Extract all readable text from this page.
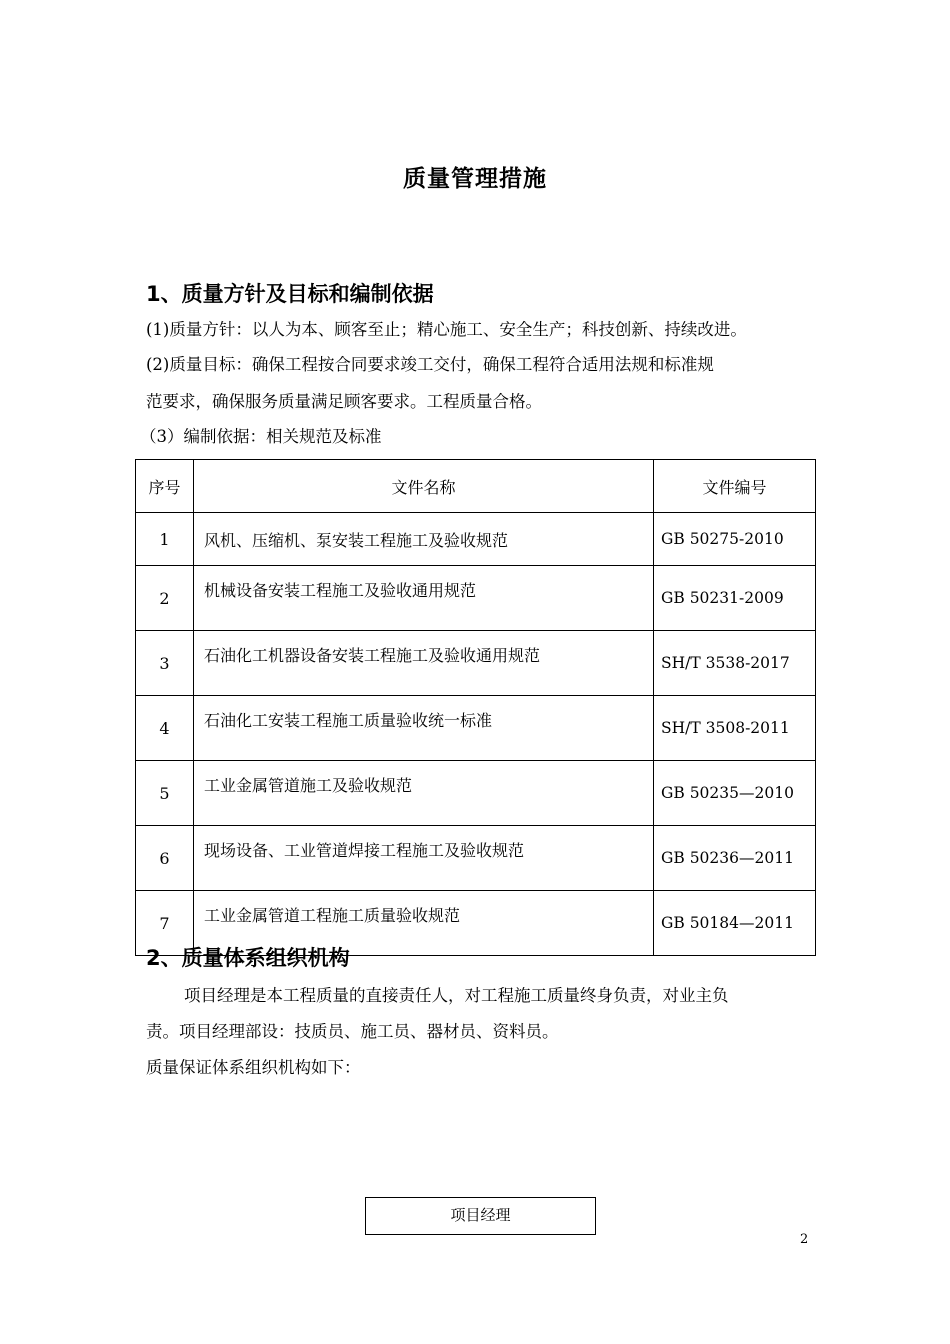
质量管理措施
1、质量方针及目标和编制依据
(1)质量方针：以人为本、顾客至止；精心施工、安全生产；科技创新、持续改进。
(2)质量目标：确保工程按合同要求竣工交付，确保工程符合适用法规和标准规
范要求，确保服务质量满足顾客要求。工程质量合格。
（3）编制依据：相关规范及标准
序号	文件名称	文件编号
1	风机、压缩机、泵安装工程施工及验收规范	GB 50275-2010
2	机械设备安装工程施工及验收通用规范	GB 50231-2009
3	石油化工机器设备安装工程施工及验收通用规范	SH/T 3538-2017
4	石油化工安装工程施工质量验收统一标准	SH/T 3508-2011
5	工业金属管道施工及验收规范	GB 50235—2010
6	现场设备、工业管道焊接工程施工及验收规范	GB 50236—2011
7	工业金属管道工程施工质量验收规范	GB 50184—2011
2、质量体系组织机构
项目经理是本工程质量的直接责任人，对工程施工质量终身负责，对业主负
责。项目经理部设：技质员、施工员、器材员、资料员。
质量保证体系组织机构如下：
项目经理
2
